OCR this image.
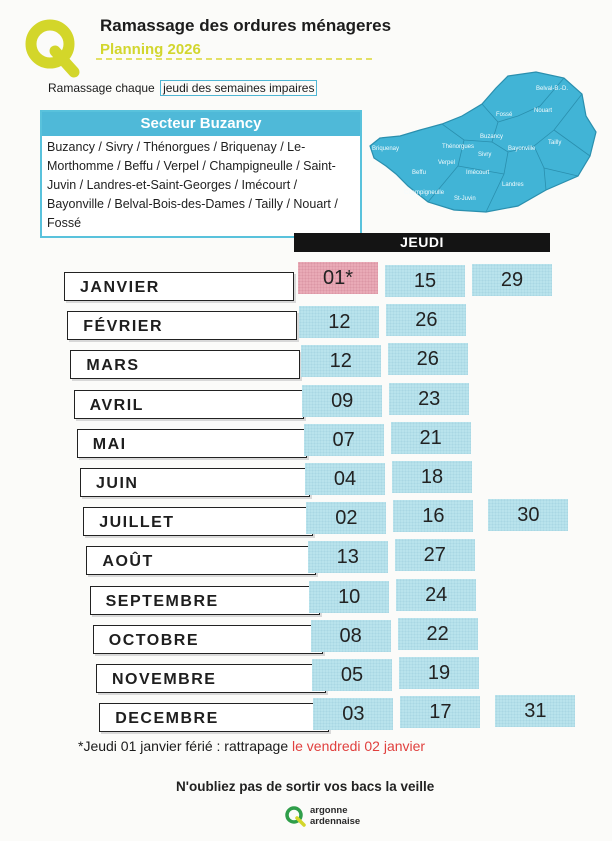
Ramassage des ordures ménageres
Planning 2026
Ramassage chaque jeudi des semaines impaires
Secteur Buzancy
Buzancy / Sivry / Thénorgues / Briquenay / Le-Morthomme / Beffu / Verpel / Champigneulle / Saint-Juvin / Landres-et-Saint-Georges / Imécourt / Bayonville / Belval-Bois-des-Dames / Tailly / Nouart / Fossé
Belval-B.-D.
Fossé
Nouart
Tailly
Briquenay
Buzancy
Thénorgues	Bayonville
Sivry
Verpel
Beffu	Imécourt
Landres
Champigneulle
St-Juvin
JEUDI
JANVIER	01*	15	29
FÉVRIER	12	26
MARS	12	26
AVRIL	09	23
MAI	07	21
JUIN	04	18
JUILLET	02	16	30
AOÛT	13	27
SEPTEMBRE	10	24
OCTOBRE	08	22
NOVEMBRE	05	19
DECEMBRE	03	17	31
*Jeudi 01 janvier férié : rattrapage le vendredi 02 janvier
N'oubliez pas de sortir vos bacs la veille
argonne
ardennaise
